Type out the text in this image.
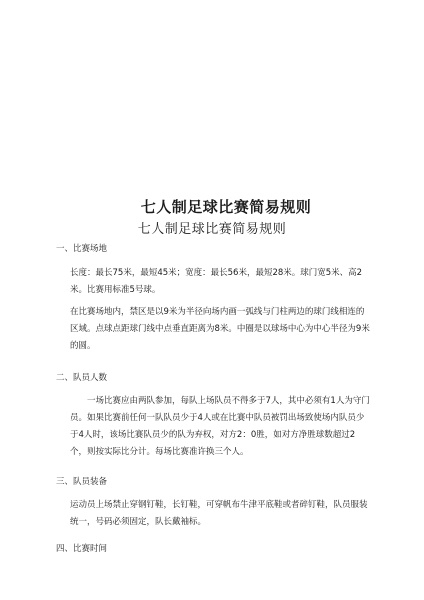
七人制足球比赛简易规则
七人制足球比赛简易规则
一、比赛场地
长度：最长75米，最短45米；宽度：最长56米，最短28米。球门宽5米、高2米。比赛用标准5号球。
在比赛场地内，禁区是以9米为半径向场内画一弧线与门柱两边的球门线相连的区域。点球点距球门线中点垂直距离为8米。中圈是以球场中心为中心半径为9米的圆。
二、队员人数
一场比赛应由两队参加，每队上场队员不得多于7人，其中必须有1人为守门员。如果比赛前任何一队队员少于4人或在比赛中队员被罚出场致使场内队员少于4人时，该场比赛队员少的队为弃权，对方2：0胜，如对方净胜球数超过2个，则按实际比分计。每场比赛准许换三个人。
三、队员装备
运动员上场禁止穿钢钉鞋，长钉鞋，可穿帆布牛津平底鞋或者碎钉鞋，队员服装统一，号码必须固定，队长戴袖标。
四、比赛时间
